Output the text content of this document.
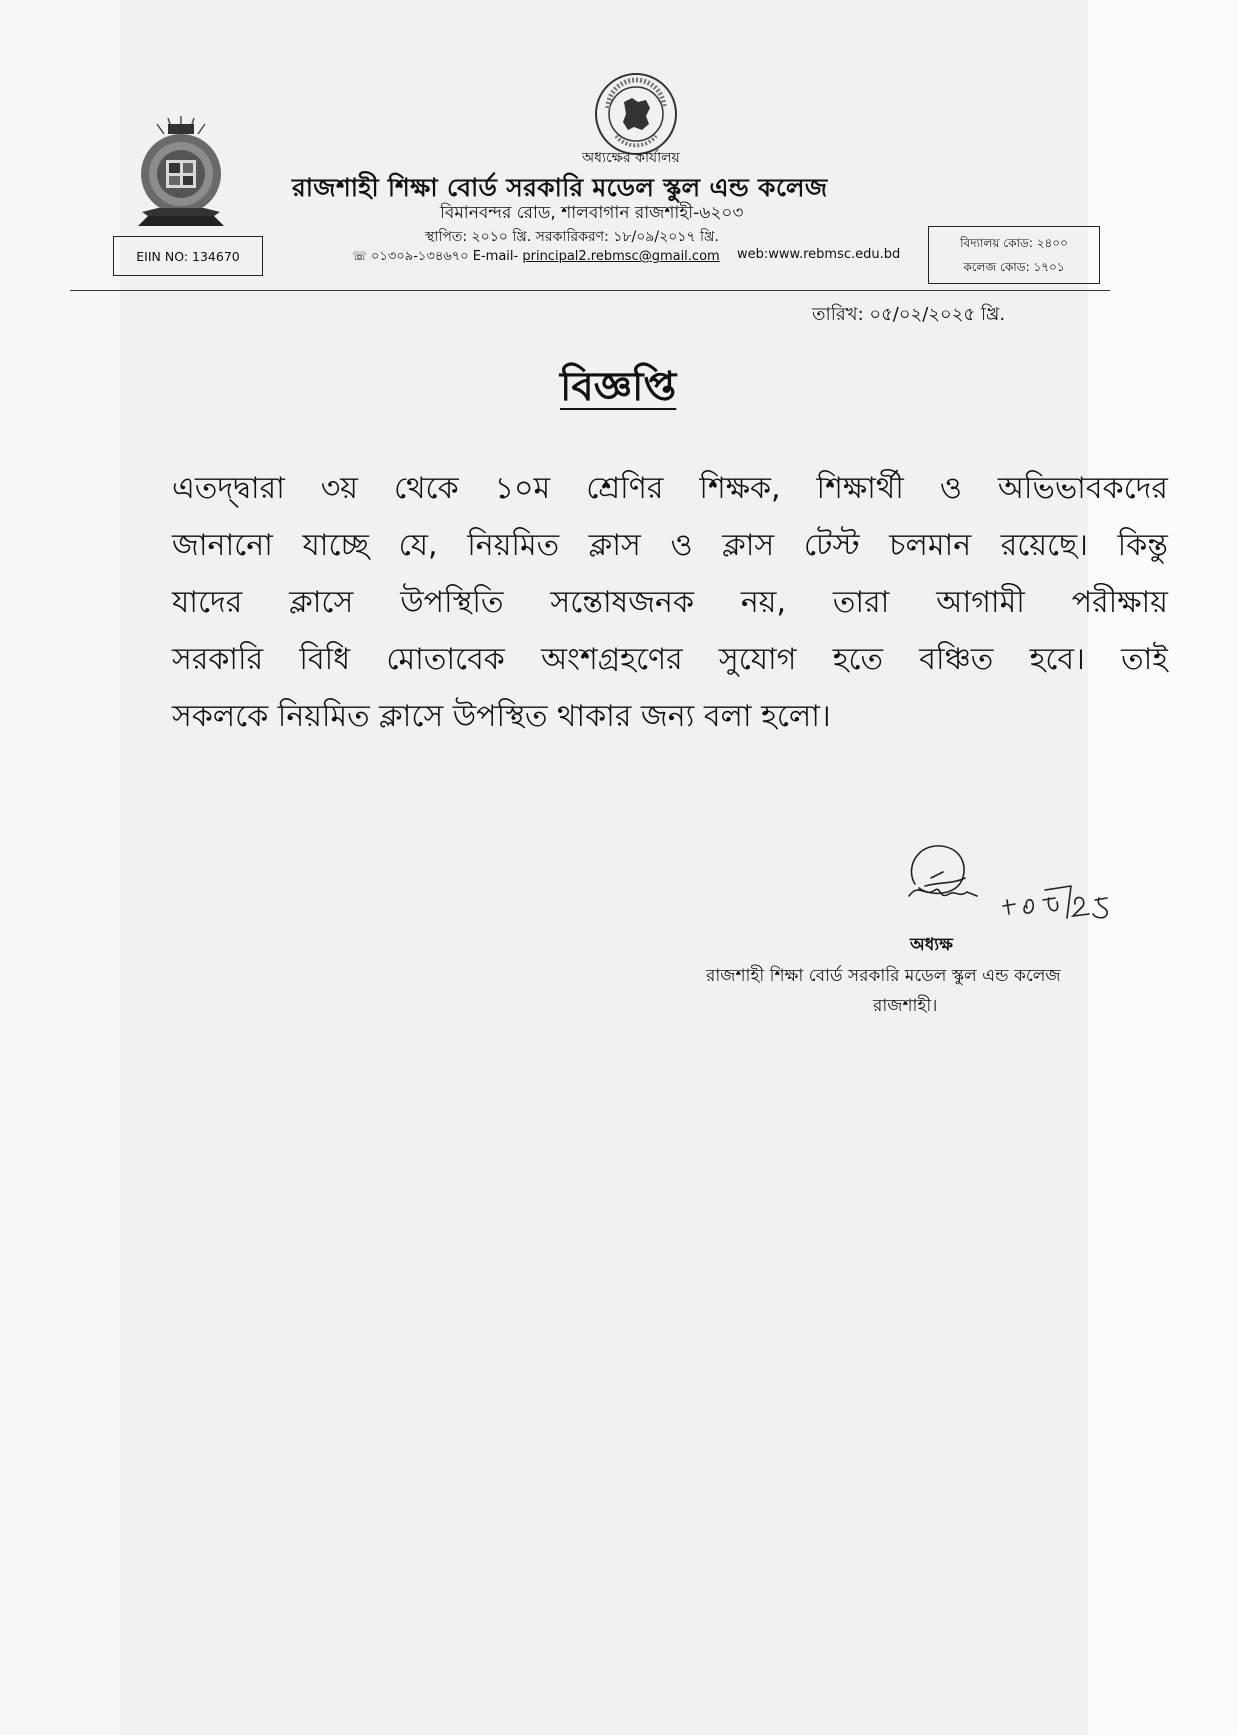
অধ্যক্ষের কার্যালয়
রাজশাহী শিক্ষা বোর্ড সরকারি মডেল স্কুল এন্ড কলেজ
বিমানবন্দর রোড, শালবাগান রাজশাহী-৬২০৩
স্থাপিত: ২০১০ খ্রি. সরকারিকরণ: ১৮/০৯/২০১৭ খ্রি.
☏ ০১৩০৯-১৩৪৬৭০ E-mail- principal2.rebmsc@gmail.com web:www.rebmsc.edu.bd
EIIN NO: 134670
বিদ্যালয় কোড: ২৪০০
কলেজ কোড: ১৭০১
তারিখ: ০৫/০২/২০২৫ খ্রি.
বিজ্ঞপ্তি
এতদ্দ্বারা ৩য় থেকে ১০ম শ্রেণির শিক্ষক, শিক্ষার্থী ও অভিভাবকদের
জানানো যাচ্ছে যে, নিয়মিত ক্লাস ও ক্লাস টেস্ট চলমান রয়েছে। কিন্তু
যাদের ক্লাসে উপস্থিতি সন্তোষজনক নয়, তারা আগামী পরীক্ষায়
সরকারি বিধি মোতাবেক অংশগ্রহণের সুযোগ হতে বঞ্চিত হবে। তাই
সকলকে নিয়মিত ক্লাসে উপস্থিত থাকার জন্য বলা হলো।
অধ্যক্ষ
রাজশাহী শিক্ষা বোর্ড সরকারি মডেল স্কুল এন্ড কলেজ
রাজশাহী।
